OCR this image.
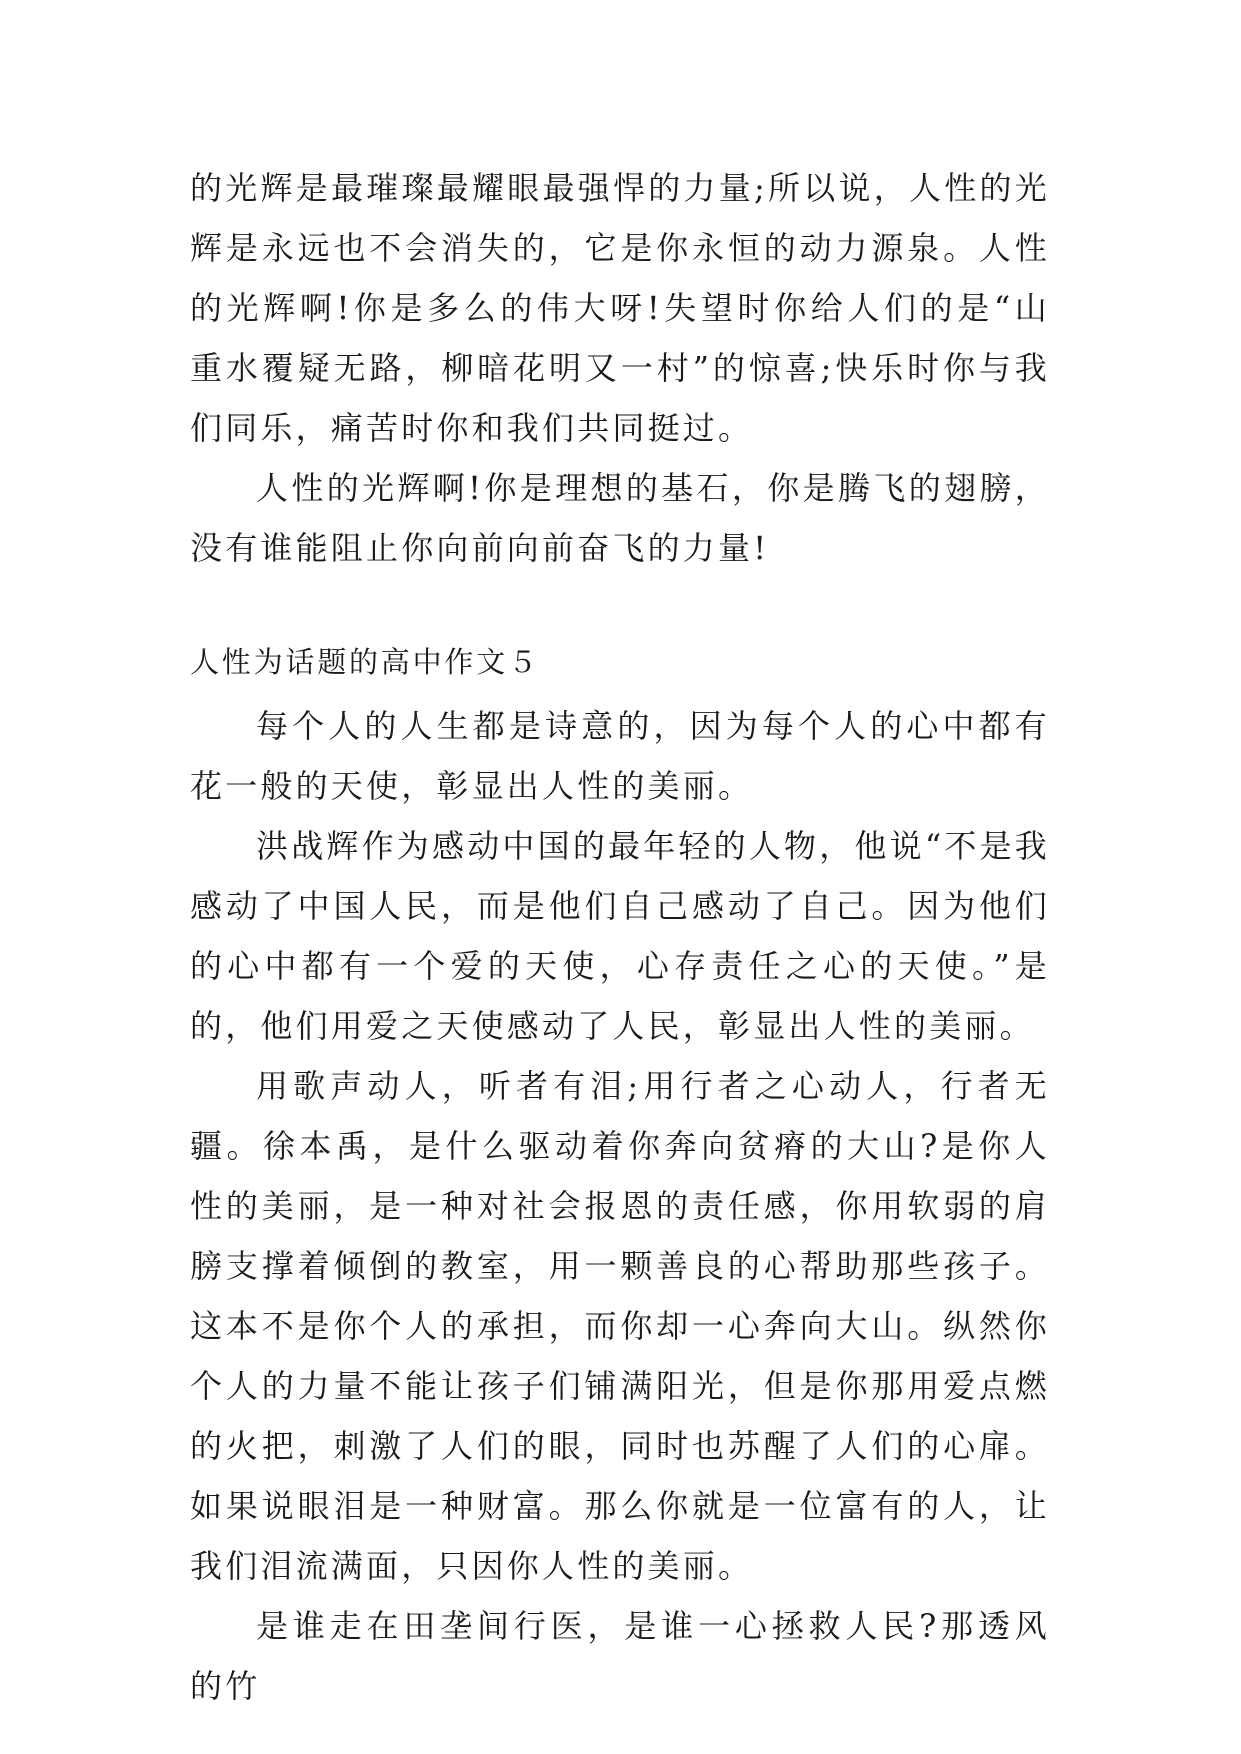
的光辉是最璀璨最耀眼最强悍的力量;所以说，人性的光辉是永远也不会消失的，它是你永恒的动力源泉。人性的光辉啊!你是多么的伟大呀!失望时你给人们的是“山重水覆疑无路，柳暗花明又一村”的惊喜;快乐时你与我们同乐，痛苦时你和我们共同挺过。

人性的光辉啊!你是理想的基石，你是腾飞的翅膀，没有谁能阻止你向前向前奋飞的力量!

人性为话题的高中作文５

每个人的人生都是诗意的，因为每个人的心中都有花一般的天使，彰显出人性的美丽。

洪战辉作为感动中国的最年轻的人物，他说“不是我感动了中国人民，而是他们自己感动了自己。因为他们的心中都有一个爱的天使，心存责任之心的天使。”是的，他们用爱之天使感动了人民，彰显出人性的美丽。

用歌声动人，听者有泪;用行者之心动人，行者无疆。徐本禹，是什么驱动着你奔向贫瘠的大山?是你人性的美丽，是一种对社会报恩的责任感，你用软弱的肩膀支撑着倾倒的教室，用一颗善良的心帮助那些孩子。这本不是你个人的承担，而你却一心奔向大山。纵然你个人的力量不能让孩子们铺满阳光，但是你那用爱点燃的火把，刺激了人们的眼，同时也苏醒了人们的心扉。如果说眼泪是一种财富。那么你就是一位富有的人，让我们泪流满面，只因你人性的美丽。

是谁走在田垄间行医，是谁一心拯救人民?那透风的竹
